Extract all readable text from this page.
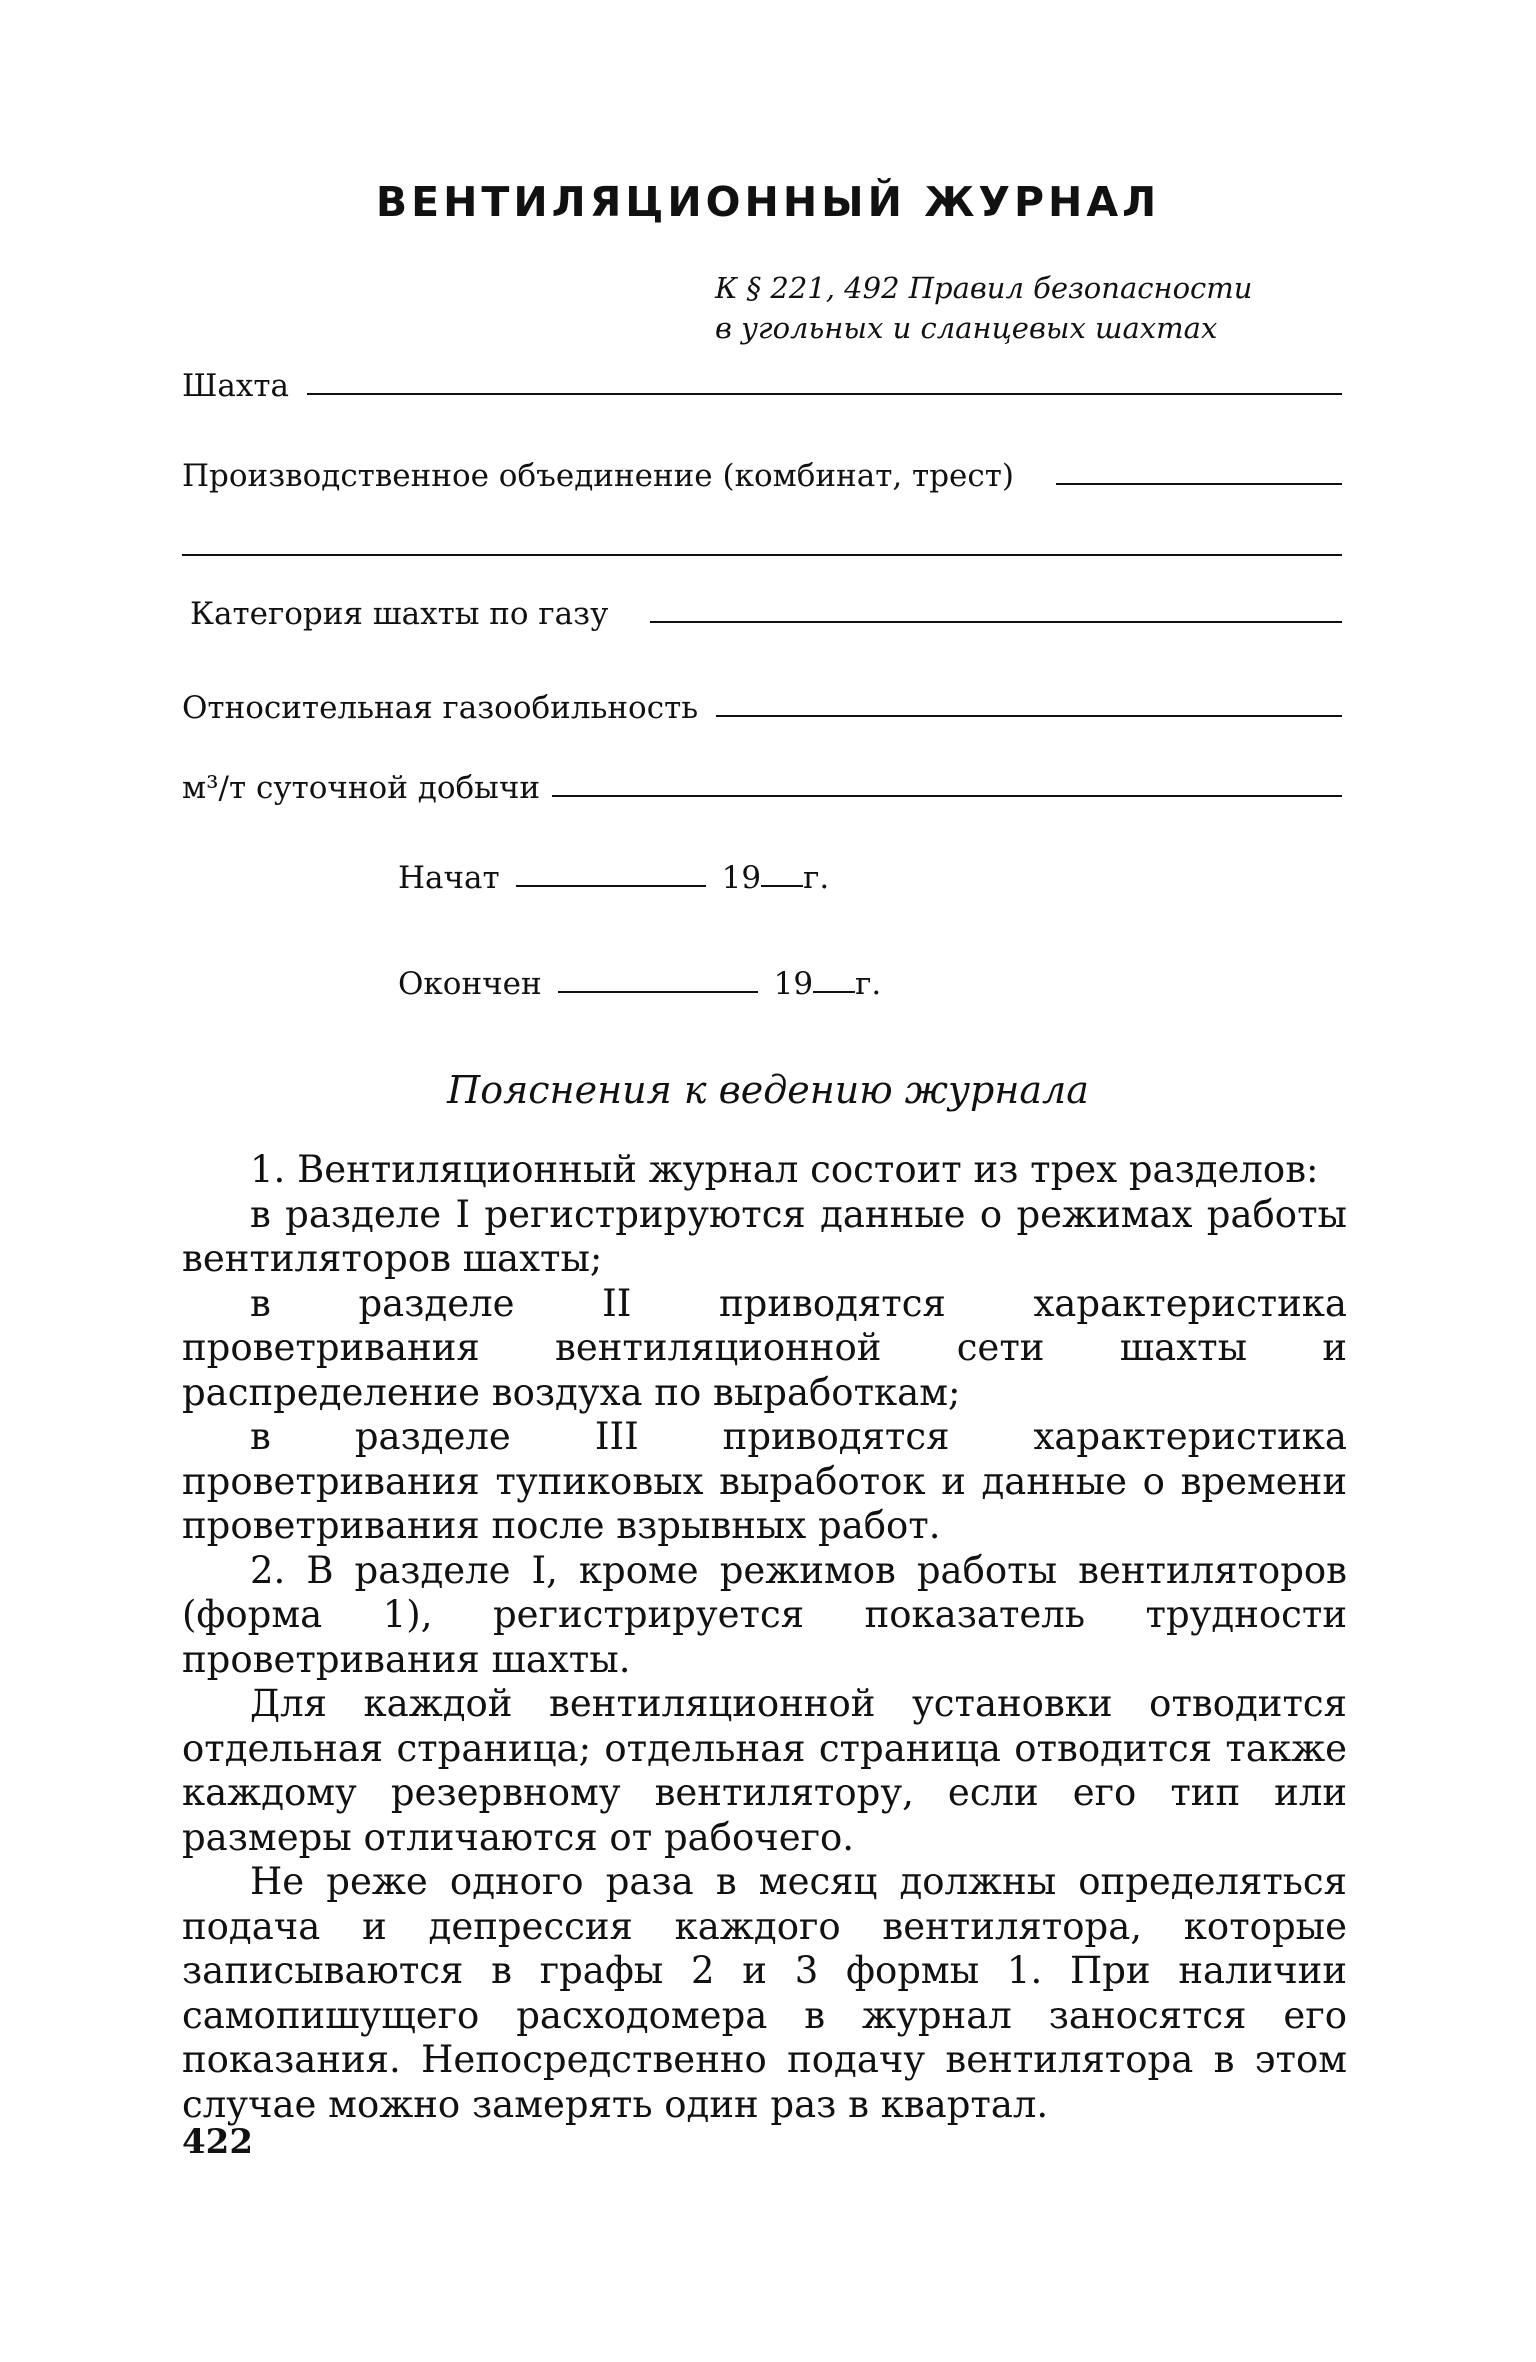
ВЕНТИЛЯЦИОННЫЙ ЖУРНАЛ
К § 221, 492 Правил безопасности
в угольных и сланцевых шахтах
Шахта
Производственное объединение (комбинат, трест)
Категория шахты по газу
Относительная газообильность
м³/т суточной добычи
Начат	19 г.
Окончен	19 г.
Пояснения к ведению журнала

1. Вентиляционный журнал состоит из трех разделов:

в разделе I регистрируются данные о режимах работы вентиляторов шахты;

в разделе II приводятся характеристика проветривания вентиляционной сети шахты и распределение воздуха по выработкам;

в разделе III приводятся характеристика проветривания тупиковых выработок и данные о времени проветривания после взрывных работ.

2. В разделе I, кроме режимов работы вентиляторов (форма 1), регистрируется показатель трудности проветривания шахты.

Для каждой вентиляционной установки отводится отдельная страница; отдельная страница отводится также каждому резервному вентилятору, если его тип или размеры отличаются от рабочего.

Не реже одного раза в месяц должны определяться подача и депрессия каждого вентилятора, которые записываются в графы 2 и 3 формы 1. При наличии самопишущего расходомера в журнал заносятся его показания. Непосредственно подачу вентилятора в этом случае можно замерять один раз в квартал.

422
